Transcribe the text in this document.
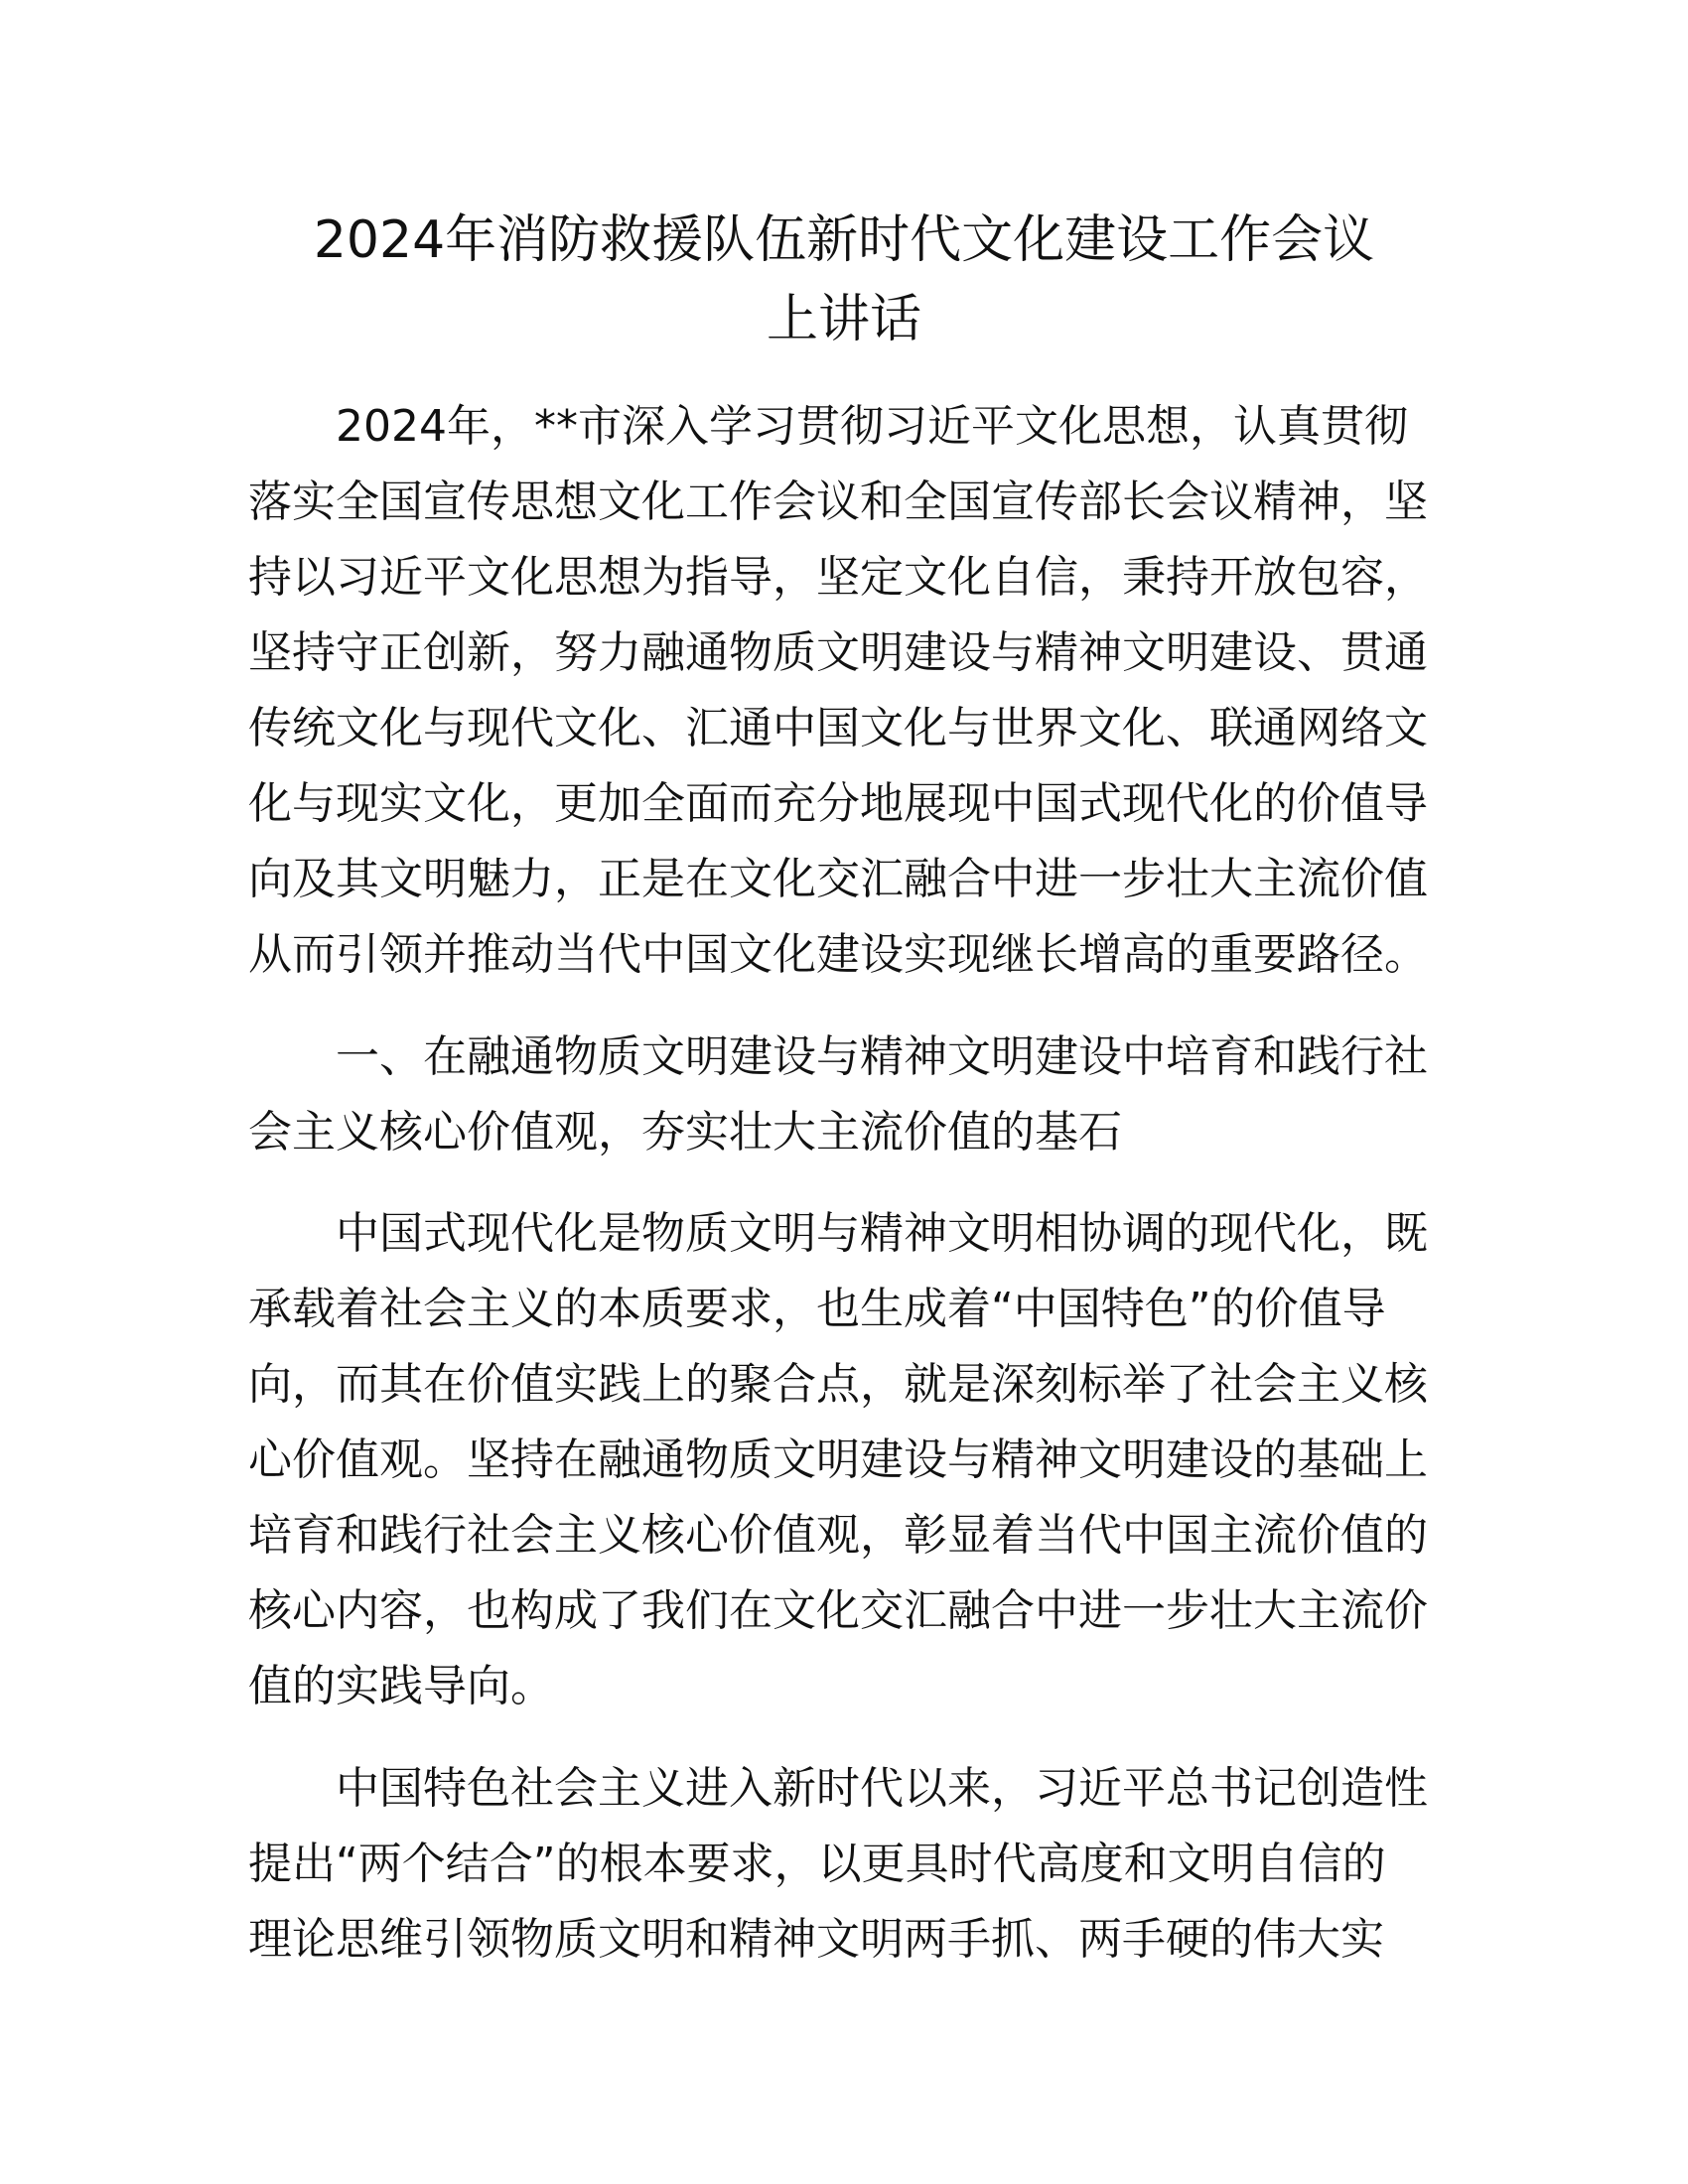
2024年消防救援队伍新时代文化建设工作会议
上讲话
2024年，**市深入学习贯彻习近平文化思想，认真贯彻
落实全国宣传思想文化工作会议和全国宣传部长会议精神，坚
持以习近平文化思想为指导，坚定文化自信，秉持开放包容，
坚持守正创新，努力融通物质文明建设与精神文明建设、贯通
传统文化与现代文化、汇通中国文化与世界文化、联通网络文
化与现实文化，更加全面而充分地展现中国式现代化的价值导
向及其文明魅力，正是在文化交汇融合中进一步壮大主流价值
从而引领并推动当代中国文化建设实现继长增高的重要路径。
一、在融通物质文明建设与精神文明建设中培育和践行社
会主义核心价值观，夯实壮大主流价值的基石
中国式现代化是物质文明与精神文明相协调的现代化，既
承载着社会主义的本质要求，也生成着“中国特色”的价值导
向，而其在价值实践上的聚合点，就是深刻标举了社会主义核
心价值观。坚持在融通物质文明建设与精神文明建设的基础上
培育和践行社会主义核心价值观，彰显着当代中国主流价值的
核心内容，也构成了我们在文化交汇融合中进一步壮大主流价
值的实践导向。
中国特色社会主义进入新时代以来，习近平总书记创造性
提出“两个结合”的根本要求，以更具时代高度和文明自信的
理论思维引领物质文明和精神文明两手抓、两手硬的伟大实
